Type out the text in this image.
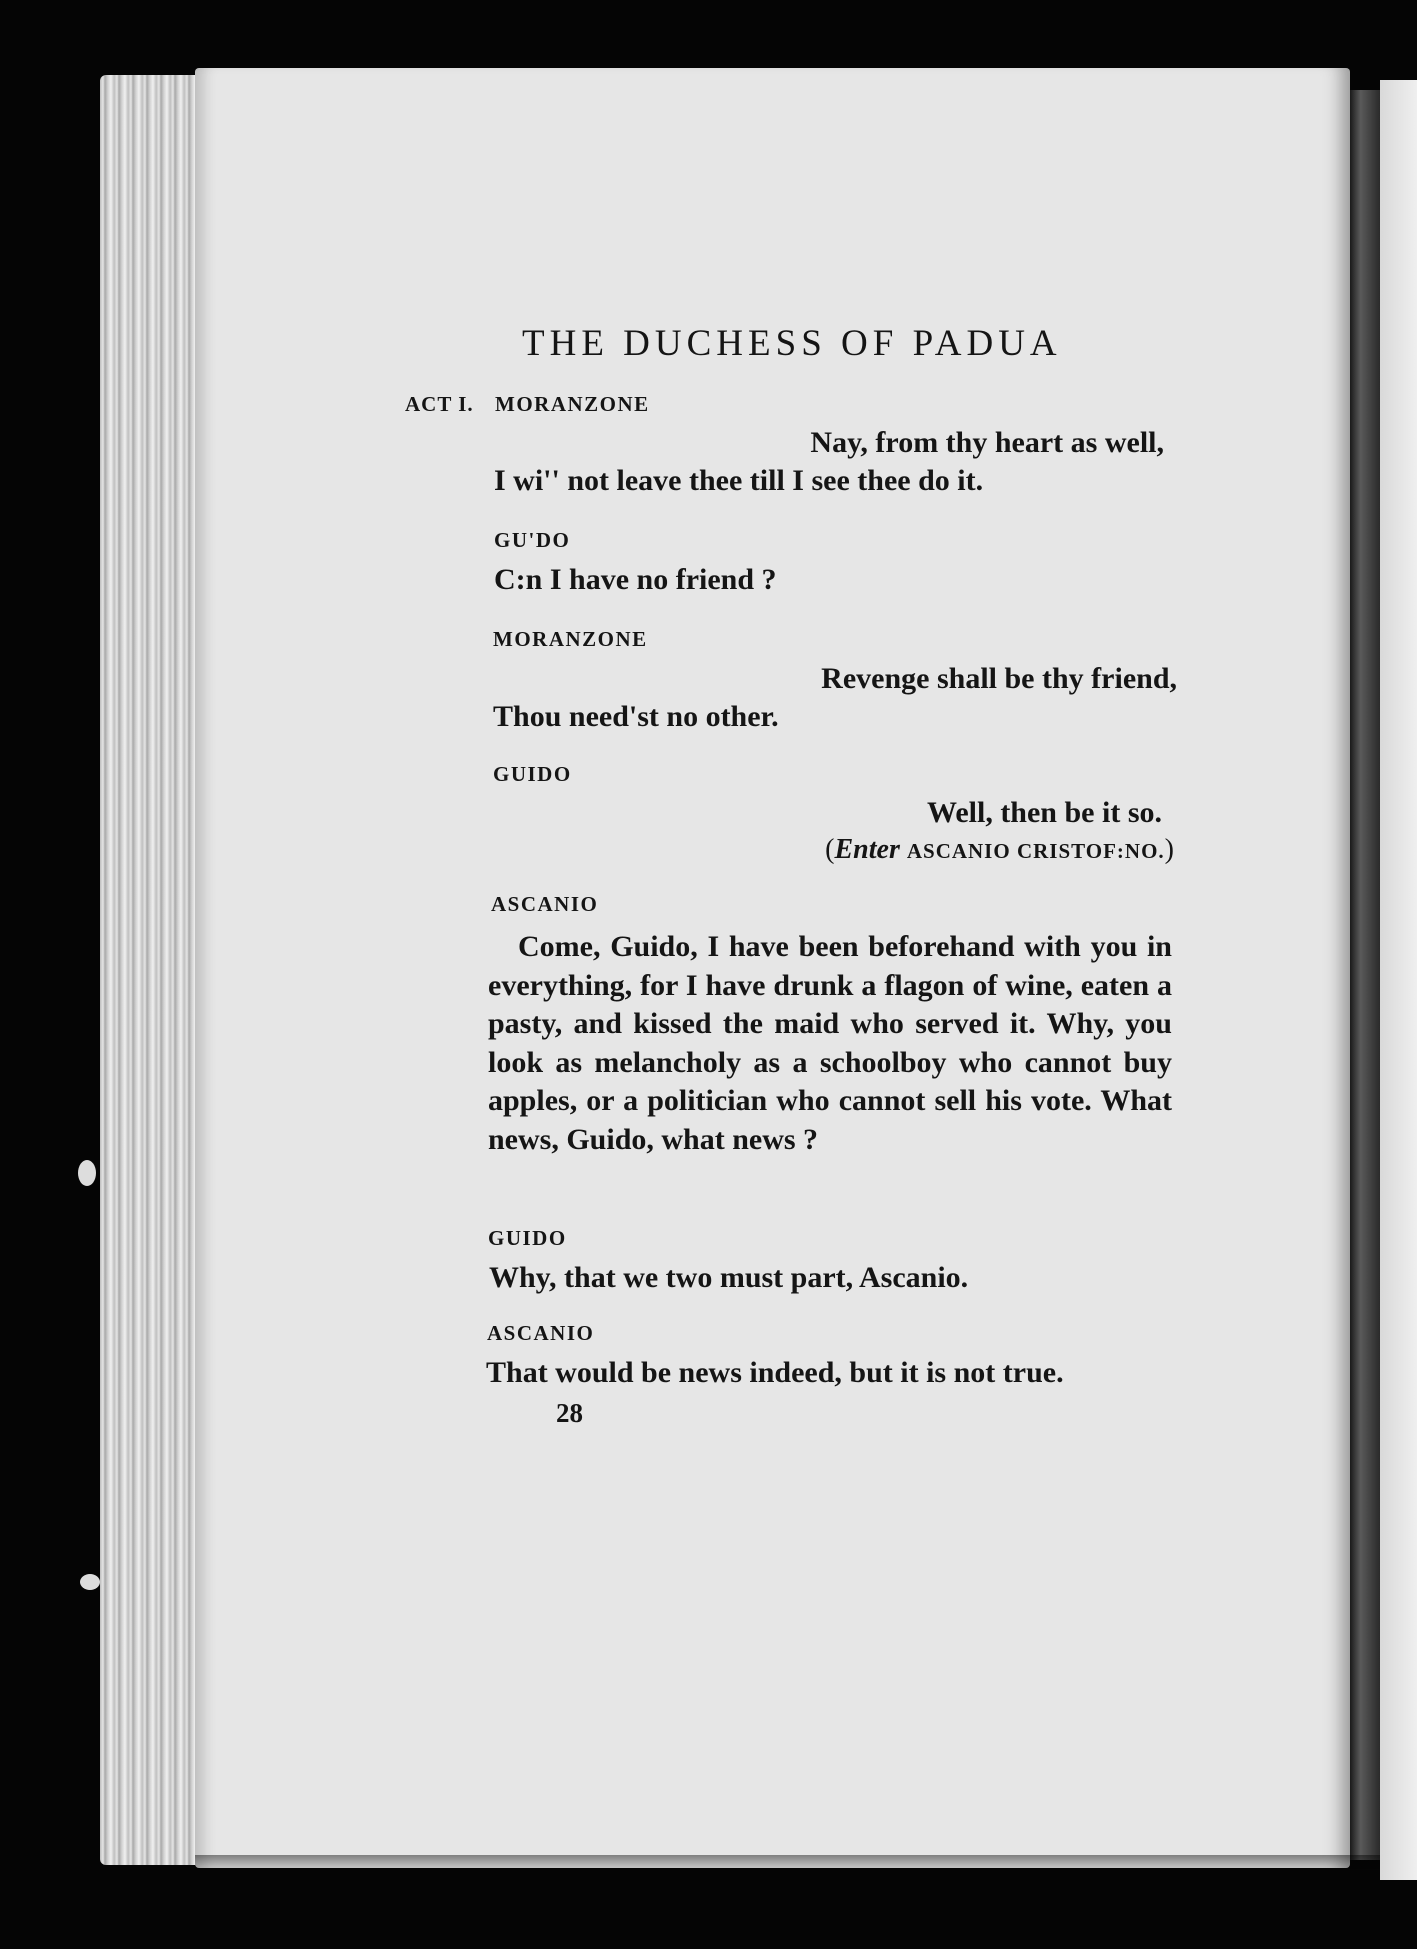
THE DUCHESS OF PADUA
ACT I. MORANZONE
Nay, from thy heart as well,
I wi'' not leave thee till I see thee do it.
GU'DO
C:n I have no friend ?
MORANZONE
Revenge shall be thy friend,
Thou need'st no other.
GUIDO
Well, then be it so.
(Enter ASCANIO CRISTOF:NO.)
ASCANIO

Come, Guido, I have been beforehand with you in everything, for I have drunk a flagon of wine, eaten a pasty, and kissed the maid who served it. Why, you look as melancholy as a schoolboy who cannot buy apples, or a politician who cannot sell his vote. What news, Guido, what news ?

GUIDO
Why, that we two must part, Ascanio.
ASCANIO
That would be news indeed, but it is not true.
28
